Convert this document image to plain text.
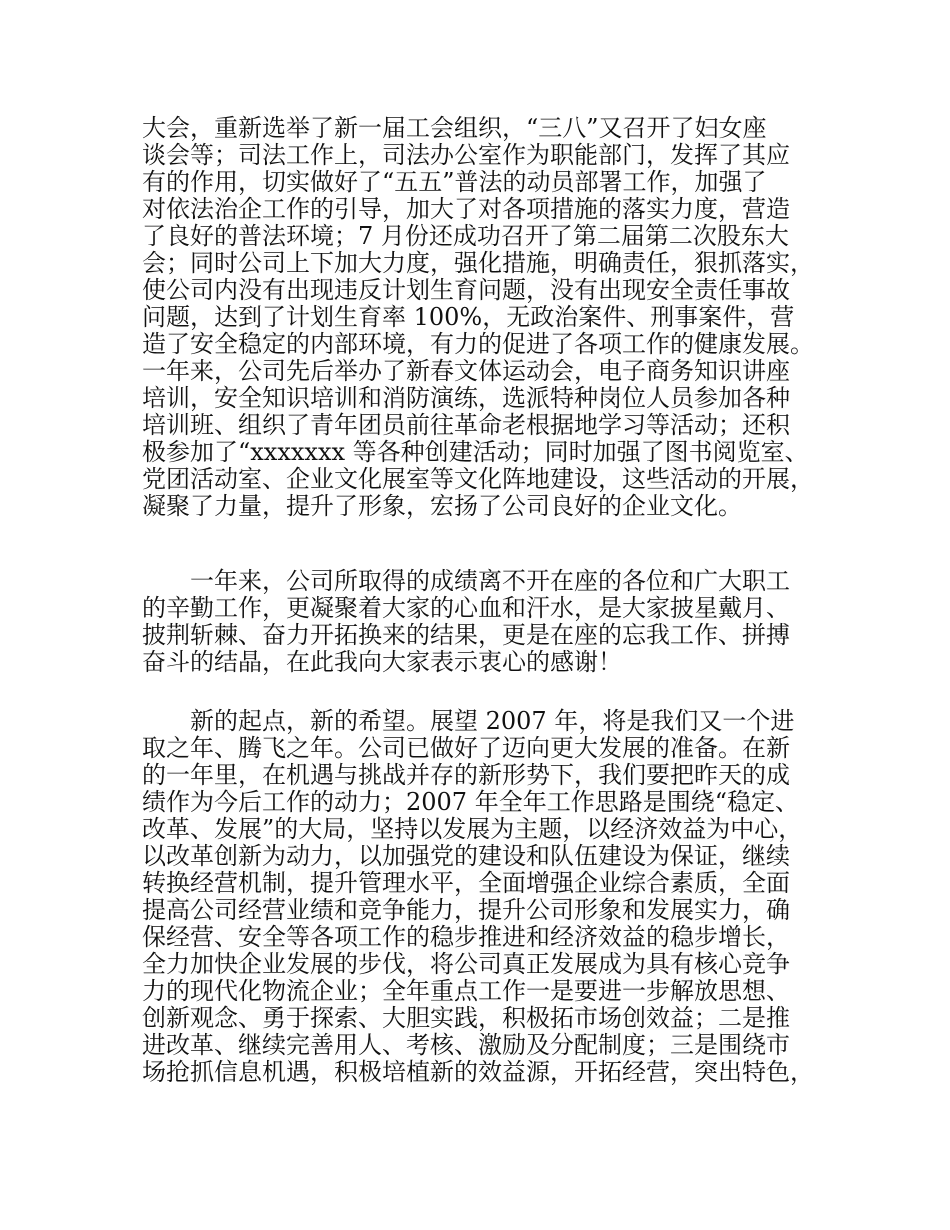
大会，重新选举了新一届工会组织，“三八”又召开了妇女座
谈会等；司法工作上，司法办公室作为职能部门，发挥了其应
有的作用，切实做好了“五五”普法的动员部署工作，加强了
对依法治企工作的引导，加大了对各项措施的落实力度，营造
了良好的普法环境；7 月份还成功召开了第二届第二次股东大
会；同时公司上下加大力度，强化措施，明确责任，狠抓落实，
使公司内没有出现违反计划生育问题，没有出现安全责任事故
问题，达到了计划生育率 100%，无政治案件、刑事案件，营
造了安全稳定的内部环境，有力的促进了各项工作的健康发展。
一年来，公司先后举办了新春文体运动会，电子商务知识讲座
培训，安全知识培训和消防演练，选派特种岗位人员参加各种
培训班、组织了青年团员前往革命老根据地学习等活动；还积
极参加了“xxxxxxx 等各种创建活动；同时加强了图书阅览室、
党团活动室、企业文化展室等文化阵地建设，这些活动的开展，
凝聚了力量，提升了形象，宏扬了公司良好的企业文化。
　　一年来，公司所取得的成绩离不开在座的各位和广大职工
的辛勤工作，更凝聚着大家的心血和汗水，是大家披星戴月、
披荆斩棘、奋力开拓换来的结果，更是在座的忘我工作、拼搏
奋斗的结晶，在此我向大家表示衷心的感谢！
　　新的起点，新的希望。展望 2007 年，将是我们又一个进
取之年、腾飞之年。公司已做好了迈向更大发展的准备。在新
的一年里，在机遇与挑战并存的新形势下，我们要把昨天的成
绩作为今后工作的动力；2007 年全年工作思路是围绕“稳定、
改革、发展”的大局，坚持以发展为主题，以经济效益为中心，
以改革创新为动力，以加强党的建设和队伍建设为保证，继续
转换经营机制，提升管理水平，全面增强企业综合素质，全面
提高公司经营业绩和竞争能力，提升公司形象和发展实力，确
保经营、安全等各项工作的稳步推进和经济效益的稳步增长，
全力加快企业发展的步伐，将公司真正发展成为具有核心竞争
力的现代化物流企业；全年重点工作一是要进一步解放思想、
创新观念、勇于探索、大胆实践，积极拓市场创效益；二是推
进改革、继续完善用人、考核、激励及分配制度；三是围绕市
场抢抓信息机遇，积极培植新的效益源，开拓经营，突出特色，
